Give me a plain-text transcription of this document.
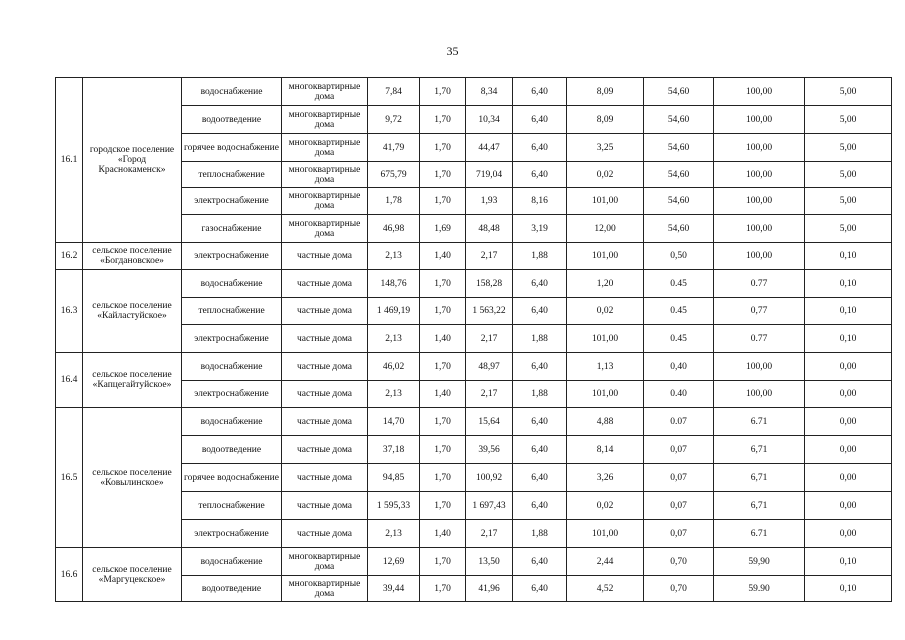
35
16.1	городское поселение «Город Краснокаменск»	водоснабжение	многоквартирные дома	7,84	1,70	8,34	6,40	8,09	54,60	100,00	5,00
		водоотведение	многоквартирные дома	9,72	1,70	10,34	6,40	8,09	54,60	100,00	5,00
		горячее водоснабжение	многоквартирные дома	41,79	1,70	44,47	6,40	3,25	54,60	100,00	5,00
		теплоснабжение	многоквартирные дома	675,79	1,70	719,04	6,40	0,02	54,60	100,00	5,00
		электроснабжение	многоквартирные дома	1,78	1,70	1,93	8,16	101,00	54,60	100,00	5,00
		газоснабжение	многоквартирные дома	46,98	1,69	48,48	3,19	12,00	54,60	100,00	5,00
16.2	сельское поселение «Богдановское»	электроснабжение	частные дома	2,13	1,40	2,17	1,88	101,00	0,50	100,00	0,10
16.3	сельское поселение «Кайластуйское»	водоснабжение	частные дома	148,76	1,70	158,28	6,40	1,20	0.45	0.77	0,10
		теплоснабжение	частные дома	1 469,19	1,70	1 563,22	6,40	0,02	0.45	0,77	0,10
		электроснабжение	частные дома	2,13	1,40	2,17	1,88	101,00	0.45	0.77	0,10
16.4	сельское поселение «Капцегайтуйское»	водоснабжение	частные дома	46,02	1,70	48,97	6,40	1,13	0,40	100,00	0,00
		электроснабжение	частные дома	2,13	1,40	2,17	1,88	101,00	0.40	100,00	0,00
16.5	сельское поселение «Ковылинское»	водоснабжение	частные дома	14,70	1,70	15,64	6,40	4,88	0.07	6.71	0,00
		водоотведение	частные дома	37,18	1,70	39,56	6,40	8,14	0,07	6,71	0,00
		горячее водоснабжение	частные дома	94,85	1,70	100,92	6,40	3,26	0,07	6,71	0,00
		теплоснабжение	частные дома	1 595,33	1,70	1 697,43	6,40	0,02	0,07	6,71	0,00
		электроснабжение	частные дома	2,13	1,40	2,17	1,88	101,00	0,07	6.71	0,00
16.6	сельское поселение «Маргуцекское»	водоснабжение	многоквартирные дома	12,69	1,70	13,50	6,40	2,44	0,70	59,90	0,10
		водоотведение	многоквартирные дома	39,44	1,70	41,96	6,40	4,52	0,70	59.90	0,10
